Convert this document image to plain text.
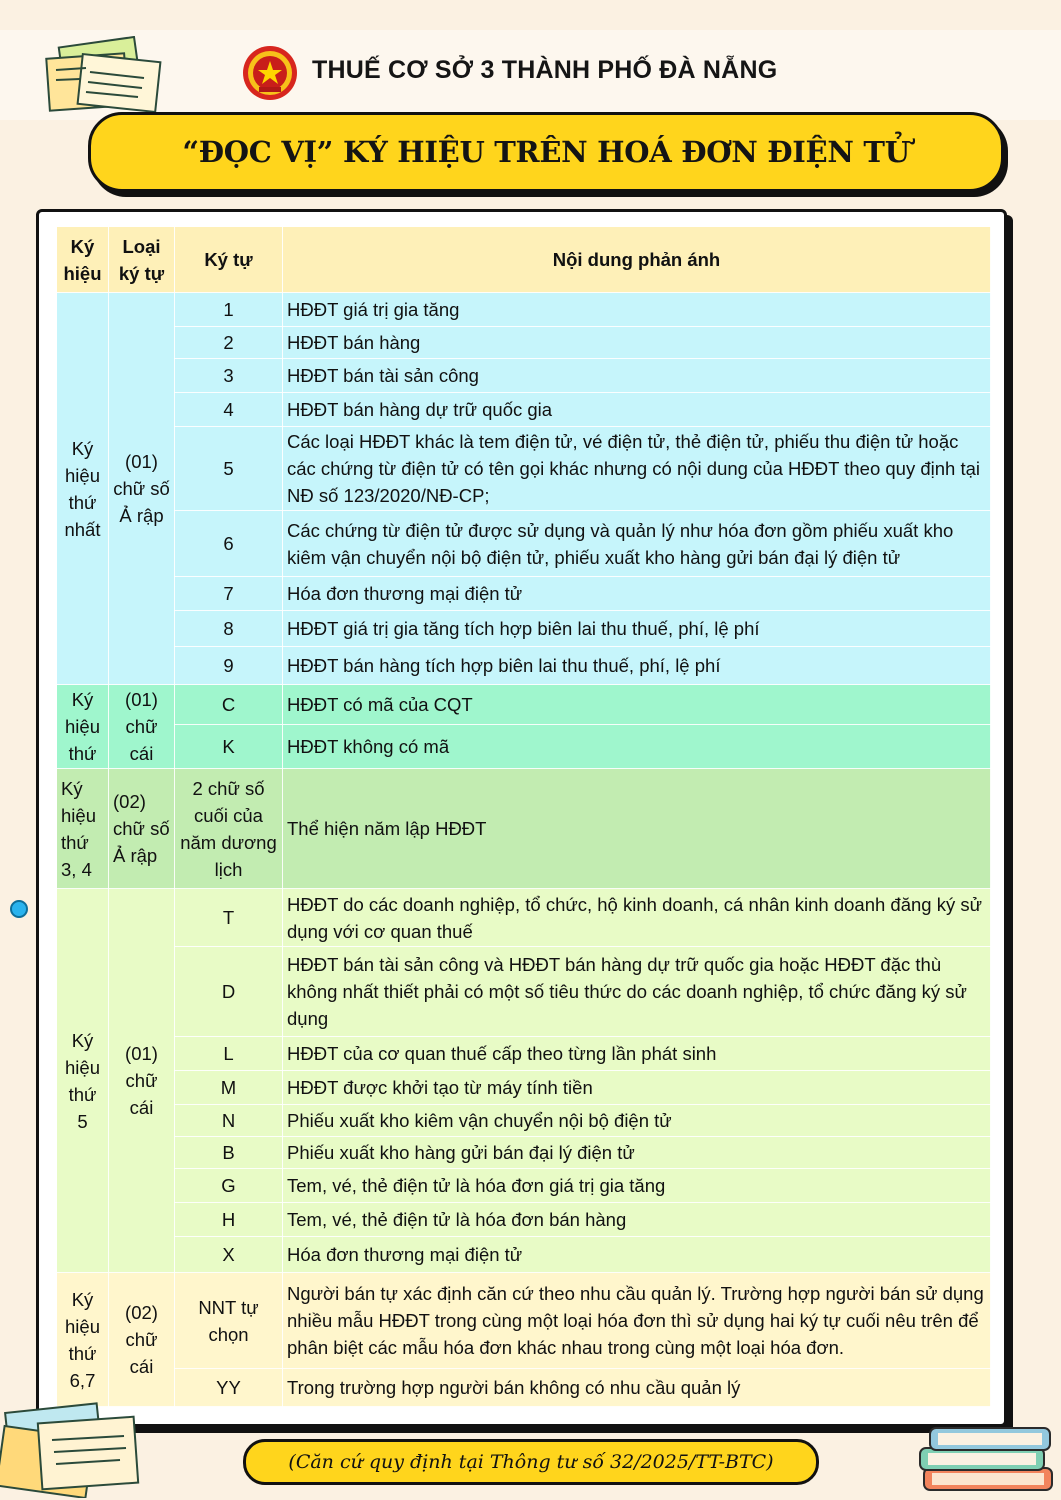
THUẾ CƠ SỞ 3 THÀNH PHỐ ĐÀ NẴNG
“ĐỌC VỊ” KÝ HIỆU TRÊN HOÁ ĐƠN ĐIỆN TỬ
Ký hiệu	Loại ký tự	Ký tự	Nội dung phản ánh
Ký hiệu thứ nhất	(01) chữ số Ả rập	1	HĐĐT giá trị gia tăng
		2	HĐĐT bán hàng
		3	HĐĐT bán tài sản công
		4	HĐĐT bán hàng dự trữ quốc gia
		5	Các loại HĐĐT khác là tem điện tử, vé điện tử, thẻ điện tử, phiếu thu điện tử hoặc các chứng từ điện tử có tên gọi khác nhưng có nội dung của HĐĐT theo quy định tại NĐ số 123/2020/NĐ-CP;
		6	Các chứng từ điện tử được sử dụng và quản lý như hóa đơn gồm phiếu xuất kho kiêm vận chuyển nội bộ điện tử, phiếu xuất kho hàng gửi bán đại lý điện tử
		7	Hóa đơn thương mại điện tử
		8	HĐĐT giá trị gia tăng tích hợp biên lai thu thuế, phí, lệ phí
		9	HĐĐT bán hàng tích hợp biên lai thu thuế, phí, lệ phí
Ký hiệu thứ	(01) chữ cái	C	HĐĐT có mã của CQT
		K	HĐĐT không có mã
Ký hiệu thứ 3, 4	(02) chữ số Ả rập	2 chữ số cuối của năm dương lịch	Thể hiện năm lập HĐĐT
Ký hiệu thứ 5	(01) chữ cái	T	HĐĐT do các doanh nghiệp, tổ chức, hộ kinh doanh, cá nhân kinh doanh đăng ký sử dụng với cơ quan thuế
		D	HĐĐT bán tài sản công và HĐĐT bán hàng dự trữ quốc gia hoặc HĐĐT đặc thù không nhất thiết phải có một số tiêu thức do các doanh nghiệp, tổ chức đăng ký sử dụng
		L	HĐĐT của cơ quan thuế cấp theo từng lần phát sinh
		M	HĐĐT được khởi tạo từ máy tính tiền
		N	Phiếu xuất kho kiêm vận chuyển nội bộ điện tử
		B	Phiếu xuất kho hàng gửi bán đại lý điện tử
		G	Tem, vé, thẻ điện tử là hóa đơn giá trị gia tăng
		H	Tem, vé, thẻ điện tử là hóa đơn bán hàng
		X	Hóa đơn thương mại điện tử
Ký hiệu thứ 6,7	(02) chữ cái	NNT tự chọn	Người bán tự xác định căn cứ theo nhu cầu quản lý. Trường hợp người bán sử dụng nhiều mẫu HĐĐT trong cùng một loại hóa đơn thì sử dụng hai ký tự cuối nêu trên để phân biệt các mẫu hóa đơn khác nhau trong cùng một loại hóa đơn.
		YY	Trong trường hợp người bán không có nhu cầu quản lý
(Căn cứ quy định tại Thông tư số 32/2025/TT-BTC)
